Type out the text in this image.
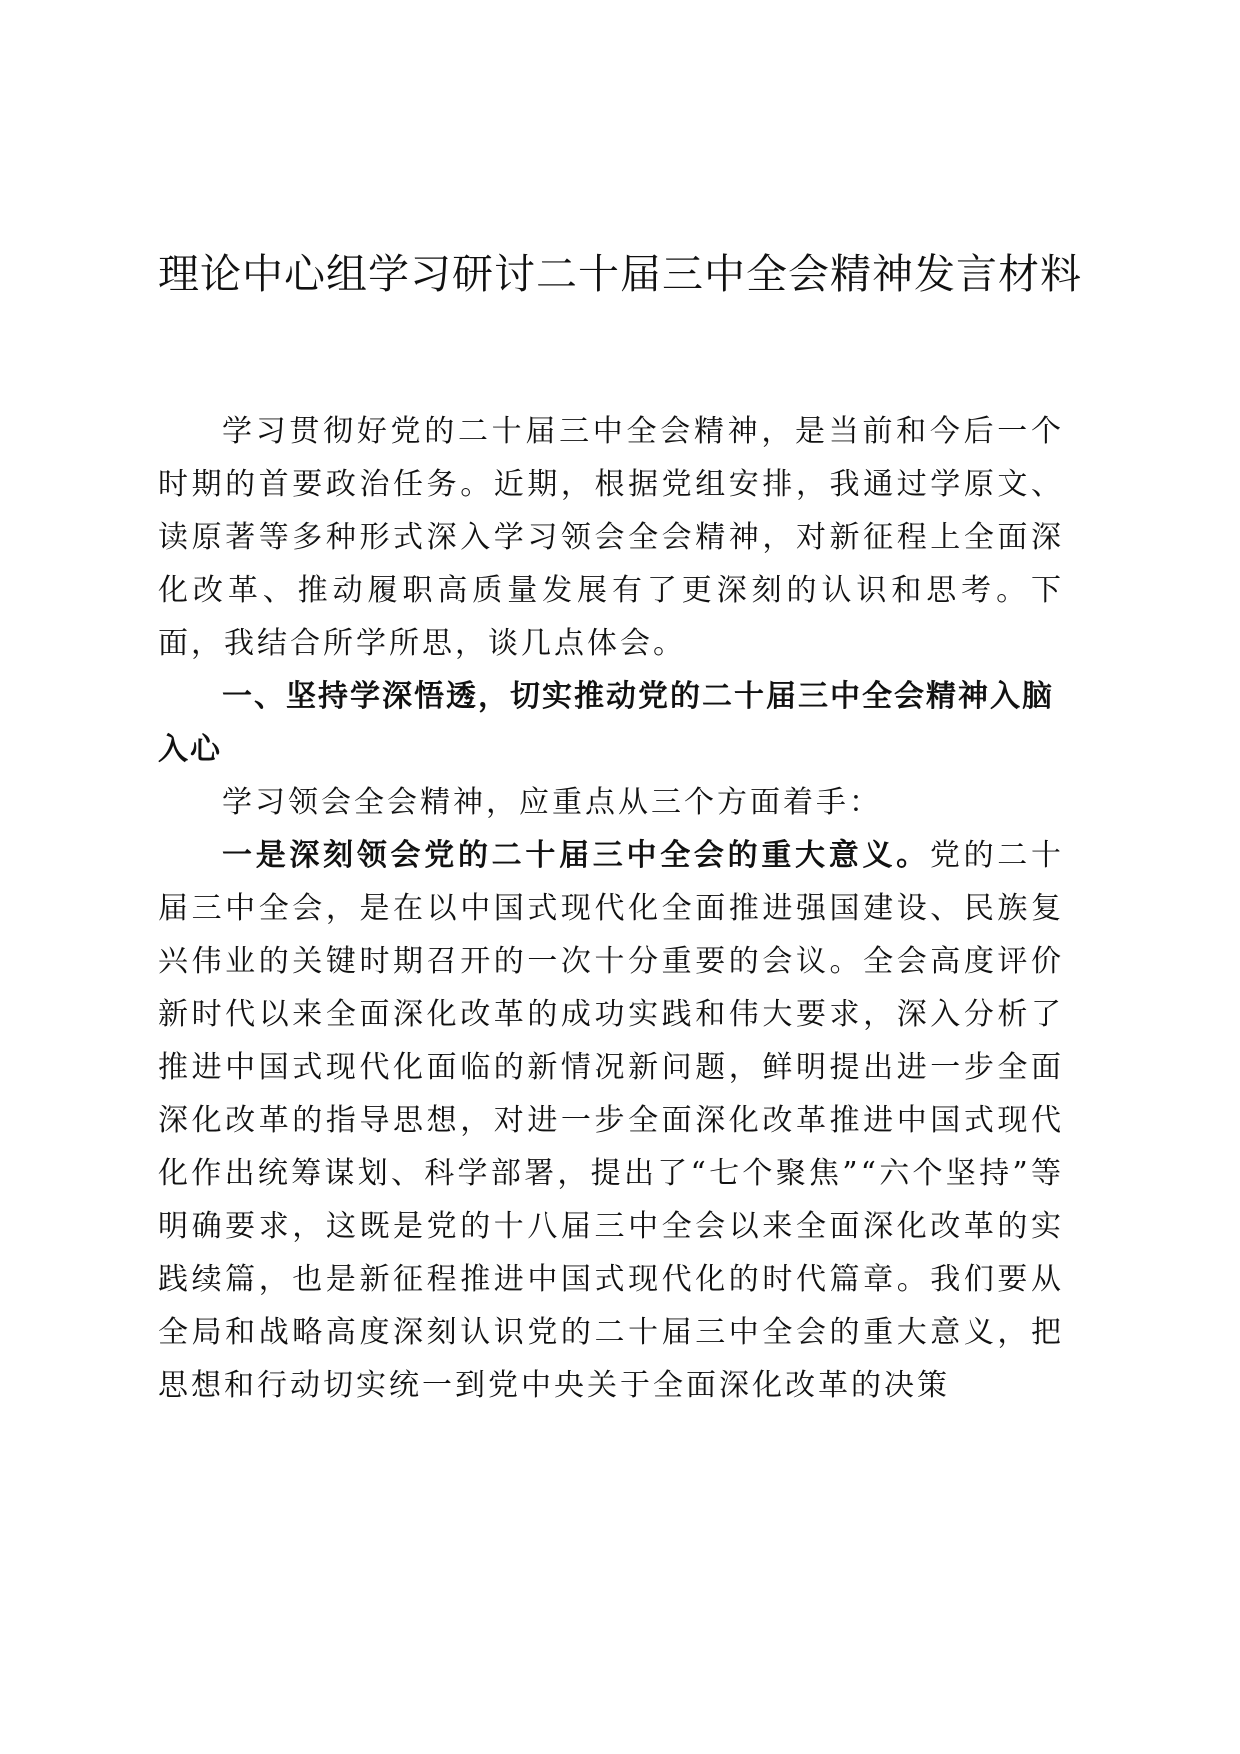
理论中心组学习研讨二十届三中全会精神发言材料

学习贯彻好党的二十届三中全会精神，是当前和今后一个时期的首要政治任务。近期，根据党组安排，我通过学原文、读原著等多种形式深入学习领会全会精神，对新征程上全面深化改革、推动履职高质量发展有了更深刻的认识和思考。下面，我结合所学所思，谈几点体会。

一、坚持学深悟透，切实推动党的二十届三中全会精神入脑入心

学习领会全会精神，应重点从三个方面着手：

一是深刻领会党的二十届三中全会的重大意义。党的二十届三中全会，是在以中国式现代化全面推进强国建设、民族复兴伟业的关键时期召开的一次十分重要的会议。全会高度评价新时代以来全面深化改革的成功实践和伟大要求，深入分析了推进中国式现代化面临的新情况新问题，鲜明提出进一步全面深化改革的指导思想，对进一步全面深化改革推进中国式现代化作出统筹谋划、科学部署，提出了“七个聚焦”“六个坚持”等明确要求，这既是党的十八届三中全会以来全面深化改革的实践续篇，也是新征程推进中国式现代化的时代篇章。我们要从全局和战略高度深刻认识党的二十届三中全会的重大意义，把思想和行动切实统一到党中央关于全面深化改革的决策
